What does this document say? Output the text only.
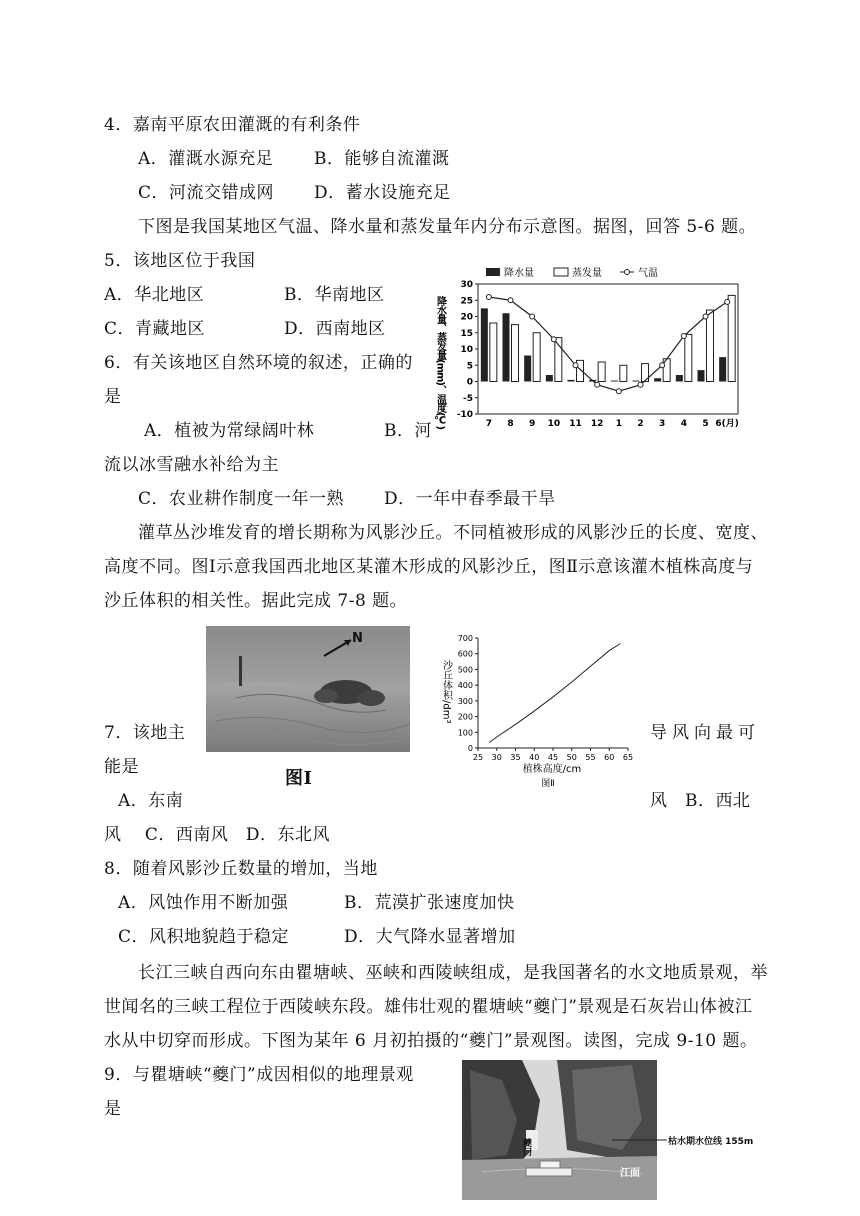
4．嘉南平原农田灌溉的有利条件
A．灌溉水源充足 B．能够自流灌溉
C．河流交错成网 D．蓄水设施充足
下图是我国某地区气温、降水量和蒸发量年内分布示意图。据图，回答 5-6 题。
5．该地区位于我国
A．华北地区	B．华南地区
C．青藏地区	D．西南地区
6．有关该地区自然环境的叙述，正确的
是
A．植被为常绿阔叶林	B．河
流以冰雪融水补给为主
C．农业耕作制度一年一熟 D．一年中春季最干旱
降水量	蒸发量	气温
降水量、蒸发量(mm)、温度(℃) -10
-5
0
5
10
15
20
25
30
7 8 9 10 11 12 1 2 3 4 5 6(月)
灌草丛沙堆发育的增长期称为风影沙丘。不同植被形成的风影沙丘的长度、宽度、
高度不同。图Ⅰ示意我国西北地区某灌木形成的风影沙丘，图Ⅱ示意该灌木植株高度与
沙丘体积的相关性。据此完成 7-8 题。
N
图Ⅰ
沙丘体积/dm³
植株高度/cm
图Ⅱ
0
100
200
300
400
500
600
700
25 30 35 40 45 50 55 60 65
7．该地主	导风向最可
能是
A．东南	风　B．西北
风　 C．西南风　D．东北风
8．随着风影沙丘数量的增加，当地
A．风蚀作用不断加强	B．荒漠扩张速度加快
C．风积地貌趋于稳定	D．大气降水显著增加
长江三峡自西向东由瞿塘峡、巫峡和西陵峡组成，是我国著名的水文地质景观，举
世闻名的三峡工程位于西陵峡东段。雄伟壮观的瞿塘峡“夔门”景观是石灰岩山体被江
水从中切穿而形成。下图为某年 6 月初拍摄的“夔门”景观图。读图，完成 9-10 题。
9．与瞿塘峡“夔门”成因相似的地理景观
是
夔门	枯水期水位线 155m
江面
